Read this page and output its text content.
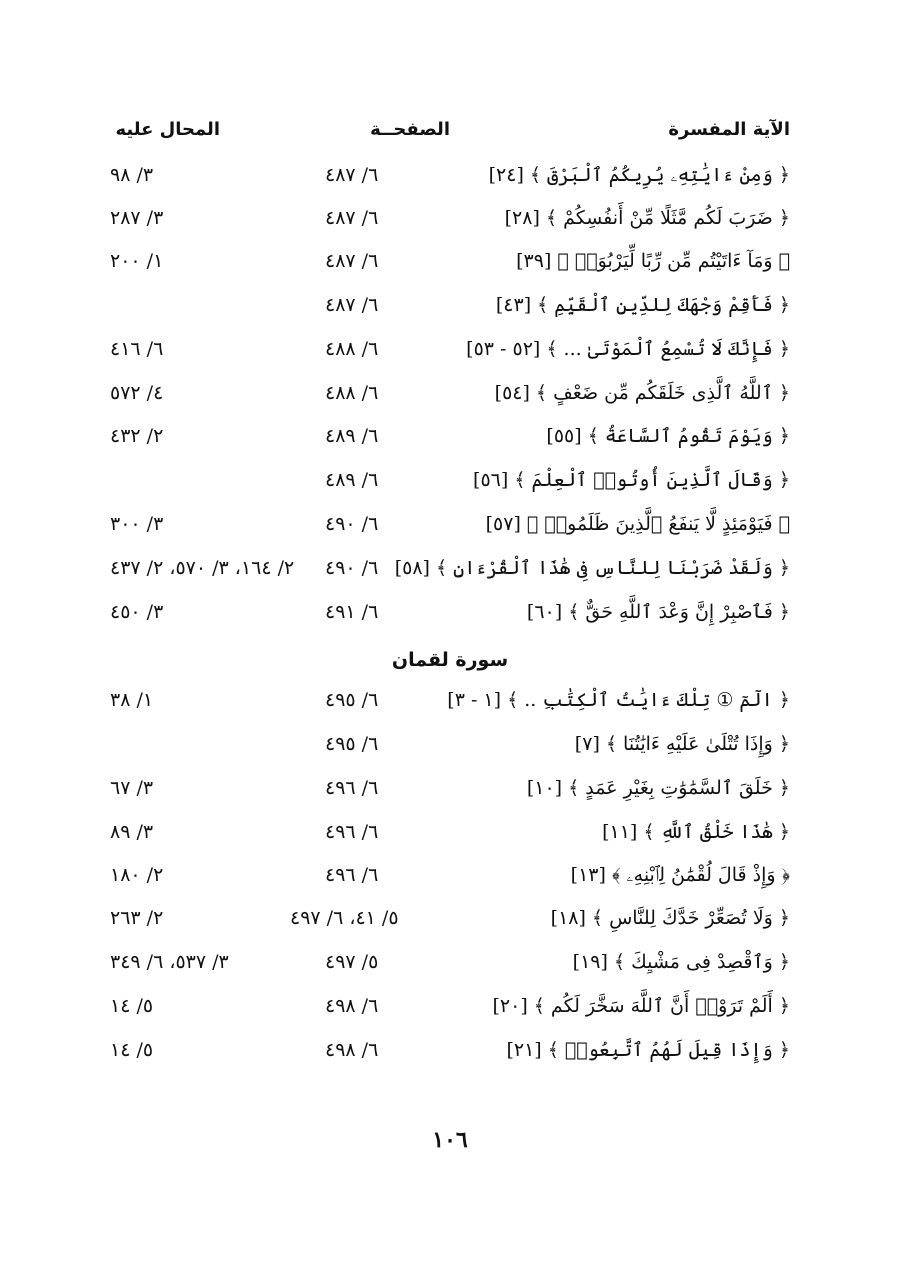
الآية المفسرة
الصفحــة
المحال عليه
﴿ وَمِنْ ءَايَٰتِهِۦ يُرِيكُمُ ٱلْبَرْقَ ﴾ [٢٤]
٦/ ٤٨٧
٣/ ٩٨
﴿ ضَرَبَ لَكُم مَّثَلًا مِّنْ أَنفُسِكُمْ ﴾ [٢٨]
٦/ ٤٨٧
٣/ ٢٨٧
﴿ وَمَآ ءَاتَيْتُم مِّن رِّبًا لِّيَرْبُوَا۟ ﴾ [٣٩]
٦/ ٤٨٧
١/ ٢٠٠
﴿ فَأَقِمْ وَجْهَكَ لِلدِّينِ ٱلْقَيِّمِ ﴾ [٤٣]
٦/ ٤٨٧
﴿ فَإِنَّكَ لَا تُسْمِعُ ٱلْمَوْتَىٰ ... ﴾ [٥٢ - ٥٣]
٦/ ٤٨٨
٦/ ٤١٦
﴿ ٱللَّهُ ٱلَّذِى خَلَقَكُم مِّن ضَعْفٍ ﴾ [٥٤]
٦/ ٤٨٨
٤/ ٥٧٢
﴿ وَيَوْمَ تَقُومُ ٱلسَّاعَةُ ﴾ [٥٥]
٦/ ٤٨٩
٢/ ٤٣٢
﴿ وَقَالَ ٱلَّذِينَ أُوتُوا۟ ٱلْعِلْمَ ﴾ [٥٦]
٦/ ٤٨٩
﴿ فَيَوْمَئِذٍ لَّا يَنفَعُ ٱلَّذِينَ ظَلَمُوا۟ ﴾ [٥٧]
٦/ ٤٩٠
٣/ ٣٠٠
﴿ وَلَقَدْ ضَرَبْنَا لِلنَّاسِ فِى هَٰذَا ٱلْقُرْءَانِ ﴾ [٥٨]
٦/ ٤٩٠
٢/ ١٦٤، ٣/ ٥٧٠، ٢/ ٤٣٧
﴿ فَٱصْبِرْ إِنَّ وَعْدَ ٱللَّهِ حَقٌّ ﴾ [٦٠]
٦/ ٤٩١
٣/ ٤٥٠
سورة لقمان
﴿ الٓمٓ ① تِلْكَ ءَايَٰتُ ٱلْكِتَٰبِ .. ﴾ [١ - ٣]
٦/ ٤٩٥
١/ ٣٨
﴿ وَإِذَا تُتْلَىٰ عَلَيْهِ ءَايَٰتُنَا ﴾ [٧]
٦/ ٤٩٥
﴿ خَلَقَ ٱلسَّمَٰوَٰتِ بِغَيْرِ عَمَدٍ ﴾ [١٠]
٦/ ٤٩٦
٣/ ٦٧
﴿ هَٰذَا خَلْقُ ٱللَّهِ ﴾ [١١]
٦/ ٤٩٦
٣/ ٨٩
﴿ وَإِذْ قَالَ لُقْمَٰنُ لِٱبْنِهِۦ ﴾ [١٣]
٦/ ٤٩٦
٢/ ١٨٠
﴿ وَلَا تُصَعِّرْ خَدَّكَ لِلنَّاسِ ﴾ [١٨]
٥/ ٤١، ٦/ ٤٩٧
٢/ ٢٦٣
﴿ وَٱقْصِدْ فِى مَشْيِكَ ﴾ [١٩]
٥/ ٤٩٧
٣/ ٥٣٧، ٦/ ٣٤٩
﴿ أَلَمْ تَرَوْا۟ أَنَّ ٱللَّهَ سَخَّرَ لَكُم ﴾ [٢٠]
٦/ ٤٩٨
٥/ ١٤
﴿ وَإِذَا قِيلَ لَهُمُ ٱتَّبِعُوا۟ ﴾ [٢١]
٦/ ٤٩٨
٥/ ١٤
١٠٦
